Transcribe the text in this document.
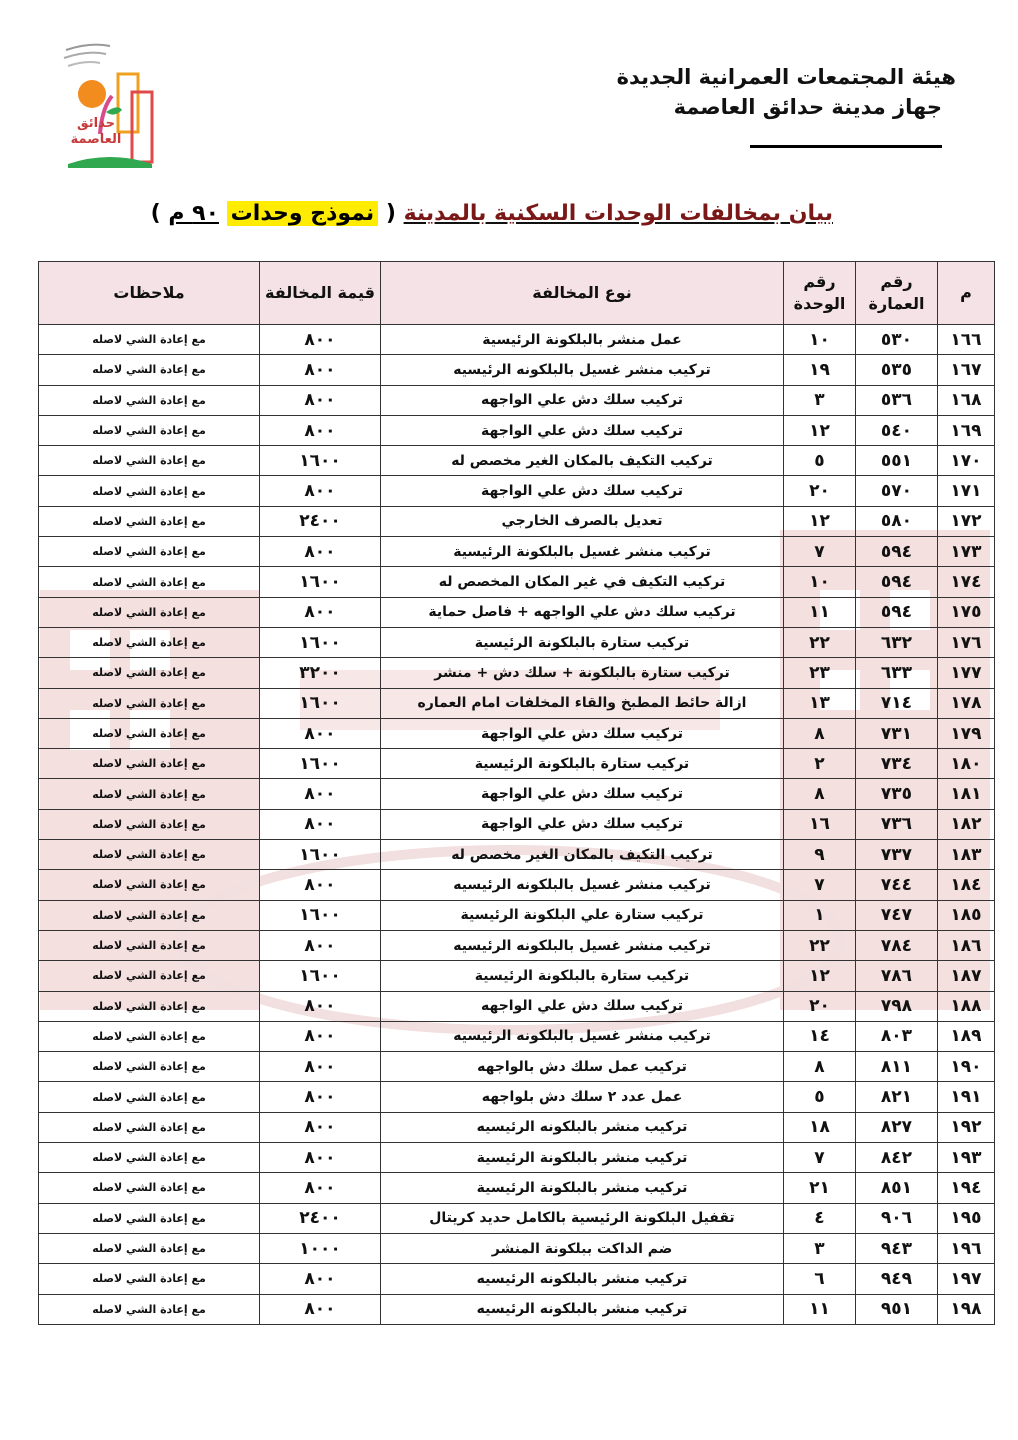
حدائق
العاصمة
هيئة المجتمعات العمرانية الجديدة
جهاز مدينة حدائق العاصمة
بيان بمخالفات الوحدات السكنية بالمدينة ( نموذج وحدات ٩٠ م )
م	رقم العمارة	رقم الوحدة	نوع المخالفة	قيمة المخالفة	ملاحظات
١٦٦	٥٣٠	١٠	عمل منشر بالبلكونة الرئيسية	٨٠٠	مع إعادة الشي لاصله
١٦٧	٥٣٥	١٩	تركيب منشر غسيل بالبلكونه الرئيسيه	٨٠٠	مع إعادة الشي لاصله
١٦٨	٥٣٦	٣	تركيب سلك دش علي الواجهه	٨٠٠	مع إعادة الشي لاصله
١٦٩	٥٤٠	١٢	تركيب سلك دش علي الواجهة	٨٠٠	مع إعادة الشي لاصله
١٧٠	٥٥١	٥	تركيب التكيف بالمكان الغير مخصص له	١٦٠٠	مع إعادة الشي لاصله
١٧١	٥٧٠	٢٠	تركيب سلك دش علي الواجهة	٨٠٠	مع إعادة الشي لاصله
١٧٢	٥٨٠	١٢	تعديل بالصرف الخارجي	٢٤٠٠	مع إعادة الشي لاصله
١٧٣	٥٩٤	٧	تركيب منشر غسيل بالبلكونة الرئيسية	٨٠٠	مع إعادة الشي لاصله
١٧٤	٥٩٤	١٠	تركيب التكيف في غير المكان المخصص له	١٦٠٠	مع إعادة الشي لاصله
١٧٥	٥٩٤	١١	تركيب سلك دش علي الواجهه + فاصل حماية	٨٠٠	مع إعادة الشي لاصله
١٧٦	٦٣٢	٢٢	تركيب ستارة بالبلكونة الرئيسية	١٦٠٠	مع إعادة الشي لاصله
١٧٧	٦٣٣	٢٣	تركيب ستارة بالبلكونة + سلك دش + منشر	٣٢٠٠	مع إعادة الشي لاصله
١٧٨	٧١٤	١٣	ازالة حائط المطبخ والقاء المخلفات امام العماره	١٦٠٠	مع إعادة الشي لاصله
١٧٩	٧٣١	٨	تركيب سلك دش علي الواجهة	٨٠٠	مع إعادة الشي لاصله
١٨٠	٧٣٤	٢	تركيب ستارة بالبلكونة الرئيسية	١٦٠٠	مع إعادة الشي لاصله
١٨١	٧٣٥	٨	تركيب سلك دش علي الواجهة	٨٠٠	مع إعادة الشي لاصله
١٨٢	٧٣٦	١٦	تركيب سلك دش علي الواجهة	٨٠٠	مع إعادة الشي لاصله
١٨٣	٧٣٧	٩	تركيب التكيف بالمكان الغير مخصص له	١٦٠٠	مع إعادة الشي لاصله
١٨٤	٧٤٤	٧	تركيب منشر غسيل بالبلكونه الرئيسيه	٨٠٠	مع إعادة الشي لاصله
١٨٥	٧٤٧	١	تركيب ستارة علي البلكونة الرئيسية	١٦٠٠	مع إعادة الشي لاصله
١٨٦	٧٨٤	٢٢	تركيب منشر غسيل بالبلكونه الرئيسيه	٨٠٠	مع إعادة الشي لاصله
١٨٧	٧٨٦	١٢	تركيب ستارة بالبلكونة الرئيسية	١٦٠٠	مع إعادة الشي لاصله
١٨٨	٧٩٨	٢٠	تركيب سلك دش علي الواجهه	٨٠٠	مع إعادة الشي لاصله
١٨٩	٨٠٣	١٤	تركيب منشر غسيل بالبلكونه الرئيسيه	٨٠٠	مع إعادة الشي لاصله
١٩٠	٨١١	٨	تركيب عمل سلك دش بالواجهه	٨٠٠	مع إعادة الشي لاصله
١٩١	٨٢١	٥	عمل عدد ٢ سلك دش بلواجهه	٨٠٠	مع إعادة الشي لاصله
١٩٢	٨٢٧	١٨	تركيب منشر بالبلكونه الرئيسيه	٨٠٠	مع إعادة الشي لاصله
١٩٣	٨٤٢	٧	تركيب منشر بالبلكونة الرئيسية	٨٠٠	مع إعادة الشي لاصله
١٩٤	٨٥١	٢١	تركيب منشر بالبلكونة الرئيسية	٨٠٠	مع إعادة الشي لاصله
١٩٥	٩٠٦	٤	تقفيل البلكونة الرئيسية بالكامل حديد كريتال	٢٤٠٠	مع إعادة الشي لاصله
١٩٦	٩٤٣	٣	ضم الداكت ببلكونة المنشر	١٠٠٠	مع إعادة الشي لاصله
١٩٧	٩٤٩	٦	تركيب منشر بالبلكونه الرئيسيه	٨٠٠	مع إعادة الشي لاصله
١٩٨	٩٥١	١١	تركيب منشر بالبلكونه الرئيسيه	٨٠٠	مع إعادة الشي لاصله
